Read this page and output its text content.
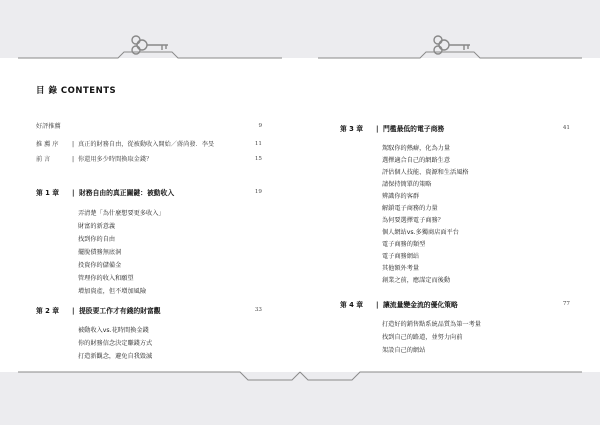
目 錄 CONTENTS
好評推薦	9
推 薦 序 | 真正的財務自由，從被動收入開始／蔣尚發．李旻	11
前 言	| 你還用多少時間換取金錢？	15
第 1 章 | 財務自由的真正關鍵：被動收入	19
弄清楚「為什麼想要更多收入」
財富的新意義
找到你的自由
擺脫債務無底洞
投資你的儲備金
管理你的收入和願望
增加資產，但不增加風險
第 2 章 | 提股要工作才有錢的財富觀	33
被動收入vs.花時間換金錢
你的財務信念決定賺錢方式
打造新觀念，避免自我毀滅
第 3 章 | 門檻最低的電子商務	41
駕馭你的熱癖，化為力量
選擇適合自己的網路生意
評估個人技能、資源和生活風格
請保持簡單的策略
辨識你的客群
解鎖電子商務的力量
為何要選擇電子商務？
個人網站vs.多獨商店面平台
電子商務的類型
電子商務網站
其他額外考量
創業之前，應謀定而後動
第 4 章 | 讓流量變金流的優化策略	77
打造好的銷售點系統品質為第一考量
找到自己的路道，並努力向前
架設自己的網站
